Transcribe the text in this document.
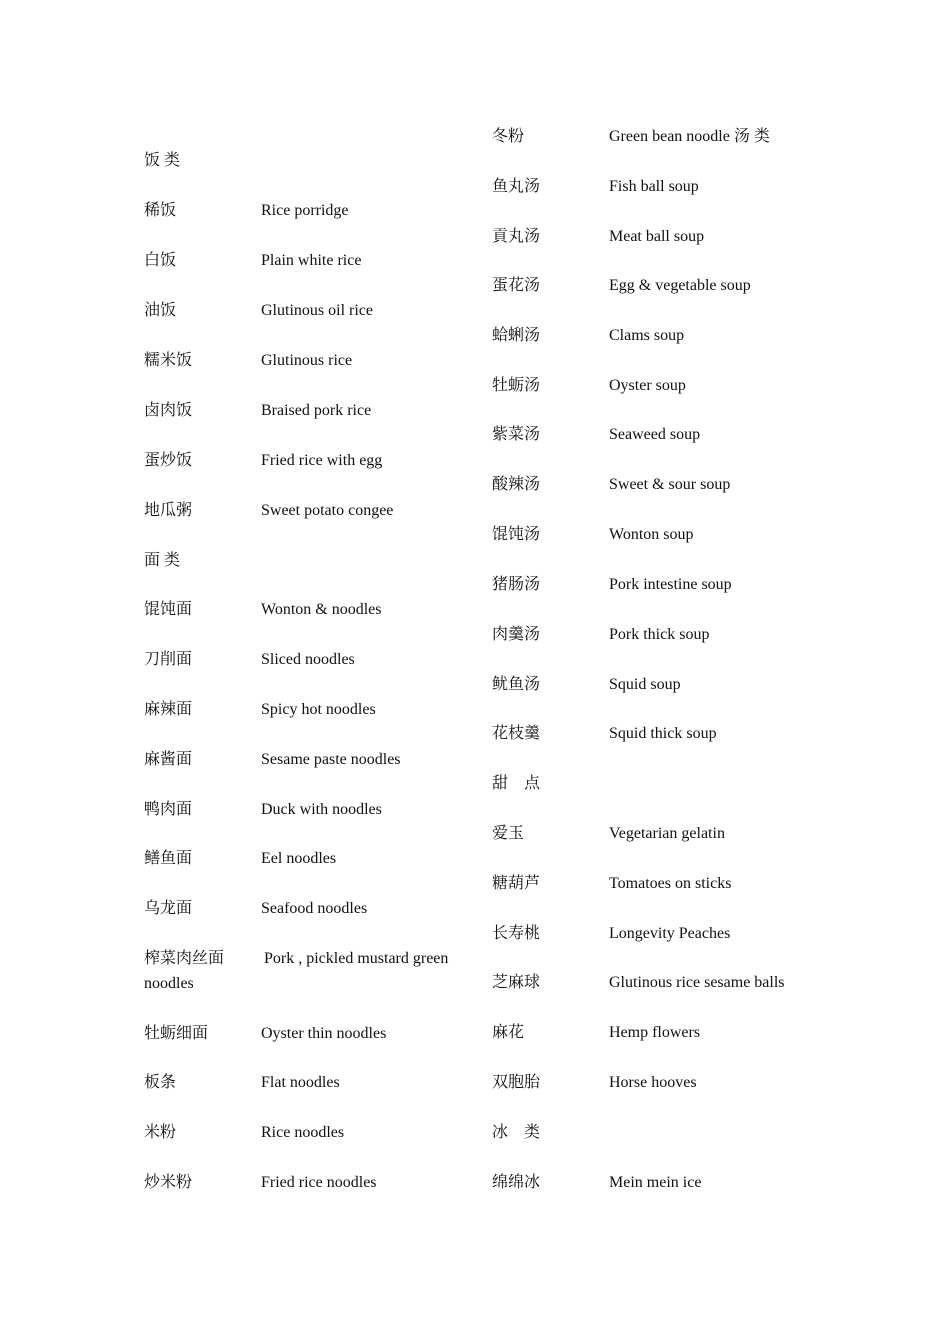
饭 类
稀饭	Rice porridge
白饭	Plain white rice
油饭	Glutinous oil rice
糯米饭	Glutinous rice
卤肉饭	Braised pork rice
蛋炒饭	Fried rice with egg
地瓜粥	Sweet potato congee
面 类
馄饨面	Wonton & noodles
刀削面	Sliced noodles
麻辣面	Spicy hot noodles
麻酱面	Sesame paste noodles
鸭肉面	Duck with noodles
鳝鱼面	Eel noodles
乌龙面	Seafood noodles
榨菜肉丝面 Pork , pickled mustard green
noodles
牡蛎细面	Oyster thin noodles
板条	Flat noodles
米粉	Rice noodles
炒米粉	Fried rice noodles
冬粉	Green bean noodle 汤 类
鱼丸汤	Fish ball soup
貢丸汤	Meat ball soup
蛋花汤	Egg & vegetable soup
蛤蜊汤	Clams soup
牡蛎汤	Oyster soup
紫菜汤	Seaweed soup
酸辣汤	Sweet & sour soup
馄饨汤	Wonton soup
猪肠汤	Pork intestine soup
肉羹汤	Pork thick soup
鱿鱼汤	Squid soup
花枝羹	Squid thick soup
甜　点
爱玉	Vegetarian gelatin
糖葫芦	Tomatoes on sticks
长寿桃	Longevity Peaches
芝麻球	Glutinous rice sesame balls
麻花	Hemp flowers
双胞胎	Horse hooves
冰　类
绵绵冰	Mein mein ice
